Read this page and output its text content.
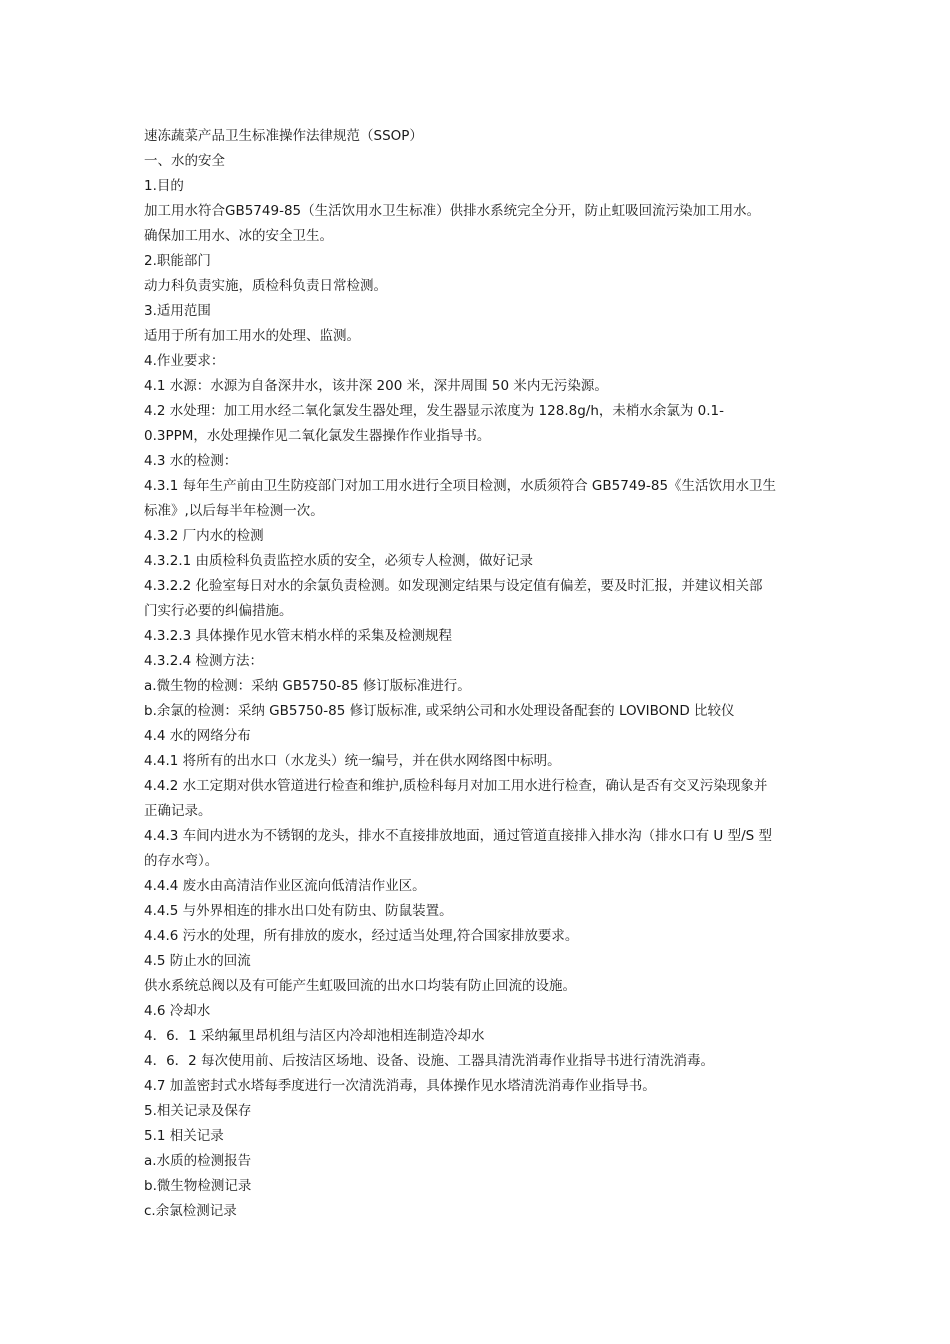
速冻蔬菜产品卫生标准操作法律规范（SSOP）
一、水的安全
1.目的
加工用水符合GB5749-85（生活饮用水卫生标准）供排水系统完全分开，防止虹吸回流污染加工用水。
确保加工用水、冰的安全卫生。
2.职能部门
动力科负责实施，质检科负责日常检测。
3.适用范围
适用于所有加工用水的处理、监测。
4.作业要求：
4.1 水源：水源为自备深井水，该井深 200 米，深井周围 50 米内无污染源。
4.2 水处理：加工用水经二氧化氯发生器处理，发生器显示浓度为 128.8g/h，未梢水余氯为 0.1-
0.3PPM，水处理操作见二氧化氯发生器操作作业指导书。
4.3 水的检测：
4.3.1 每年生产前由卫生防疫部门对加工用水进行全项目检测，水质须符合 GB5749-85《生活饮用水卫生
标准》,以后每半年检测一次。
4.3.2 厂内水的检测
4.3.2.1 由质检科负责监控水质的安全，必须专人检测，做好记录
4.3.2.2 化验室每日对水的余氯负责检测。如发现测定结果与设定值有偏差，要及时汇报，并建议相关部
门实行必要的纠偏措施。
4.3.2.3 具体操作见水管末梢水样的采集及检测规程
4.3.2.4 检测方法：
a.微生物的检测：采纳 GB5750-85 修订版标准进行。
b.余氯的检测：采纳 GB5750-85 修订版标准, 或采纳公司和水处理设备配套的 LOVIBOND 比较仪
4.4 水的网络分布
4.4.1 将所有的出水口（水龙头）统一编号，并在供水网络图中标明。
4.4.2 水工定期对供水管道进行检查和维护,质检科每月对加工用水进行检查，确认是否有交叉污染现象并
正确记录。
4.4.3 车间内进水为不锈钢的龙头，排水不直接排放地面，通过管道直接排入排水沟（排水口有 U 型/S 型
的存水弯）。
4.4.4 废水由高清洁作业区流向低清洁作业区。
4.4.5 与外界相连的排水出口处有防虫、防鼠装置。
4.4.6 污水的处理，所有排放的废水，经过适当处理,符合国家排放要求。
4.5 防止水的回流
供水系统总阀以及有可能产生虹吸回流的出水口均装有防止回流的设施。
4.6 冷却水
4．6．1 采纳氟里昂机组与洁区内冷却池相连制造冷却水
4．6．2 每次使用前、后按洁区场地、设备、设施、工器具清洗消毒作业指导书进行清洗消毒。
4.7 加盖密封式水塔每季度进行一次清洗消毒，具体操作见水塔清洗消毒作业指导书。
5.相关记录及保存
5.1 相关记录
a.水质的检测报告
b.微生物检测记录
c.余氯检测记录
